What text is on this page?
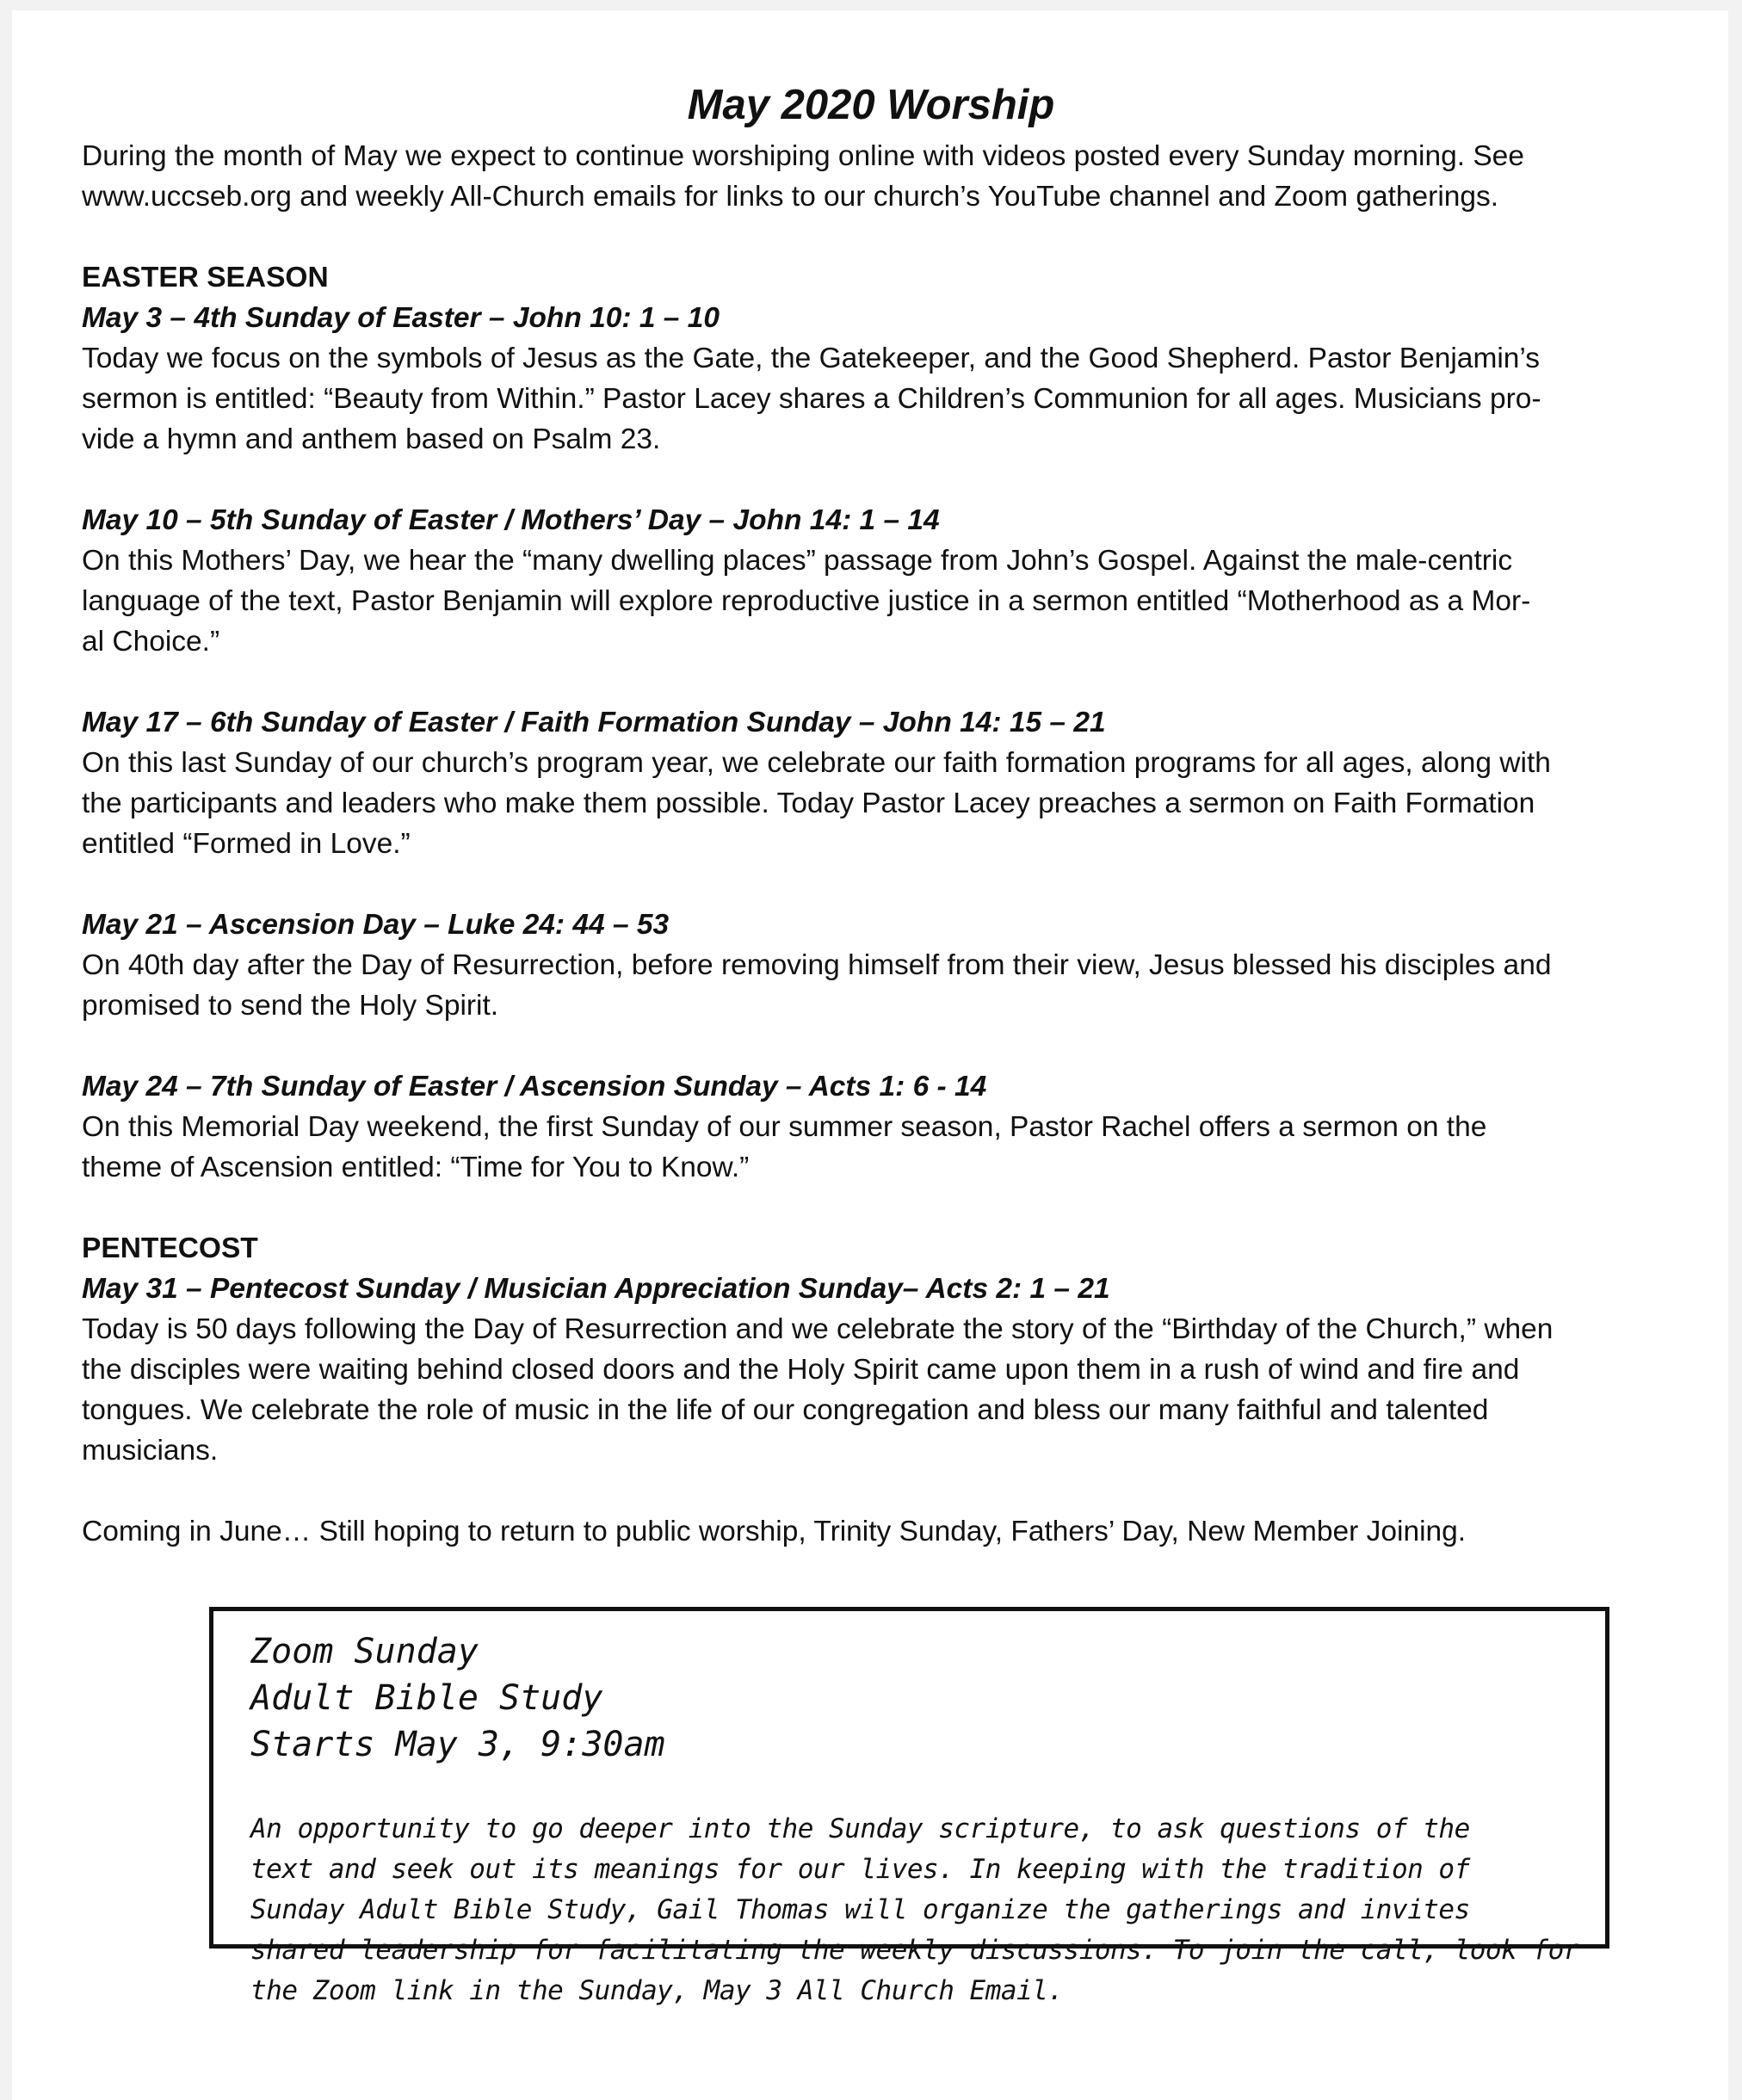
May 2020 Worship

During the month of May we expect to continue worshiping online with videos posted every Sunday morning. See

www.uccseb.org and weekly All-Church emails for links to our church’s YouTube channel and Zoom gatherings.

EASTER SEASON

May 3 – 4th Sunday of Easter – John 10: 1 – 10

Today we focus on the symbols of Jesus as the Gate, the Gatekeeper, and the Good Shepherd. Pastor Benjamin’s

sermon is entitled: “Beauty from Within.” Pastor Lacey shares a Children’s Communion for all ages. Musicians pro-

vide a hymn and anthem based on Psalm 23.

May 10 – 5th Sunday of Easter / Mothers’ Day – John 14: 1 – 14

On this Mothers’ Day, we hear the “many dwelling places” passage from John’s Gospel. Against the male-centric

language of the text, Pastor Benjamin will explore reproductive justice in a sermon entitled “Motherhood as a Mor-

al Choice.”

May 17 – 6th Sunday of Easter / Faith Formation Sunday – John 14: 15 – 21

On this last Sunday of our church’s program year, we celebrate our faith formation programs for all ages, along with

the participants and leaders who make them possible. Today Pastor Lacey preaches a sermon on Faith Formation

entitled “Formed in Love.”

May 21 – Ascension Day – Luke 24: 44 – 53

On 40th day after the Day of Resurrection, before removing himself from their view, Jesus blessed his disciples and

promised to send the Holy Spirit.

May 24 – 7th Sunday of Easter / Ascension Sunday – Acts 1: 6 - 14

On this Memorial Day weekend, the first Sunday of our summer season, Pastor Rachel offers a sermon on the

theme of Ascension entitled: “Time for You to Know.”

PENTECOST

May 31 – Pentecost Sunday / Musician Appreciation Sunday– Acts 2: 1 – 21

Today is 50 days following the Day of Resurrection and we celebrate the story of the “Birthday of the Church,” when

the disciples were waiting behind closed doors and the Holy Spirit came upon them in a rush of wind and fire and

tongues. We celebrate the role of music in the life of our congregation and bless our many faithful and talented

musicians.

Coming in June… Still hoping to return to public worship, Trinity Sunday, Fathers’ Day, New Member Joining.

Zoom Sunday
Adult Bible Study
Starts May 3, 9:30am
An opportunity to go deeper into the Sunday scripture, to ask questions of the
text and seek out its meanings for our lives. In keeping with the tradition of
Sunday Adult Bible Study, Gail Thomas will organize the gatherings and invites
shared leadership for facilitating the weekly discussions. To join the call, look for
the Zoom link in the Sunday, May 3 All Church Email.
